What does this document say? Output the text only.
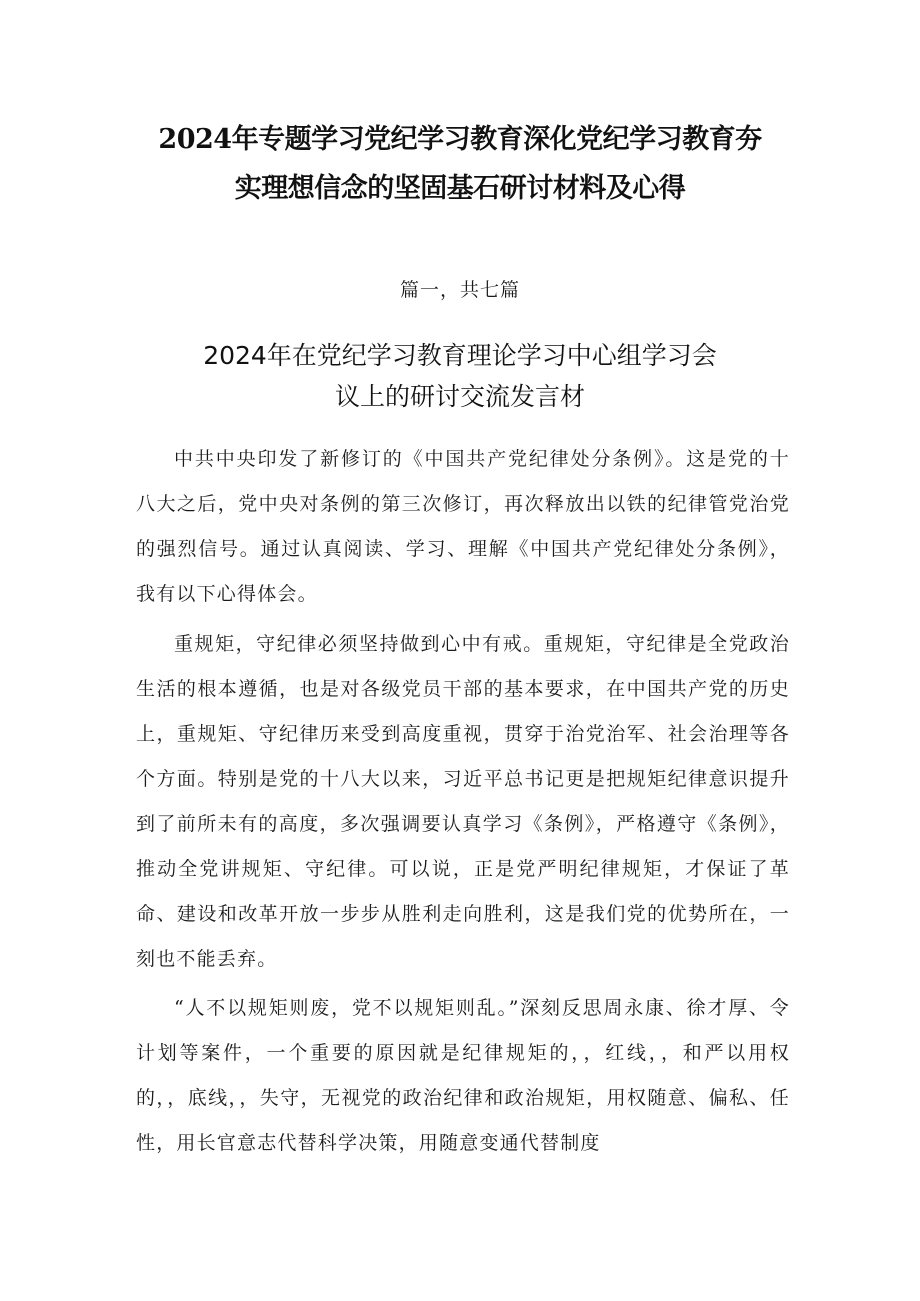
2024年专题学习党纪学习教育深化党纪学习教育夯
实理想信念的坚固基石研讨材料及心得
篇一，共七篇
2024年在党纪学习教育理论学习中心组学习会
议上的研讨交流发言材

中共中央印发了新修订的《中国共产党纪律处分条例》。这是党的十八大之后，党中央对条例的第三次修订，再次释放出以铁的纪律管党治党的强烈信号。通过认真阅读、学习、理解《中国共产党纪律处分条例》，我有以下心得体会。

重规矩，守纪律必须坚持做到心中有戒。重规矩，守纪律是全党政治生活的根本遵循，也是对各级党员干部的基本要求，在中国共产党的历史上，重规矩、守纪律历来受到高度重视，贯穿于治党治军、社会治理等各个方面。特别是党的十八大以来，习近平总书记更是把规矩纪律意识提升到了前所未有的高度，多次强调要认真学习《条例》，严格遵守《条例》，推动全党讲规矩、守纪律。可以说，正是党严明纪律规矩，才保证了革命、建设和改革开放一步步从胜利走向胜利，这是我们党的优势所在，一刻也不能丢弃。

“人不以规矩则废，党不以规矩则乱。”深刻反思周永康、徐才厚、令计划等案件，一个重要的原因就是纪律规矩的，，红线，，和严以用权的，，底线，，失守，无视党的政治纪律和政治规矩，用权随意、偏私、任性，用长官意志代替科学决策，用随意变通代替制度
